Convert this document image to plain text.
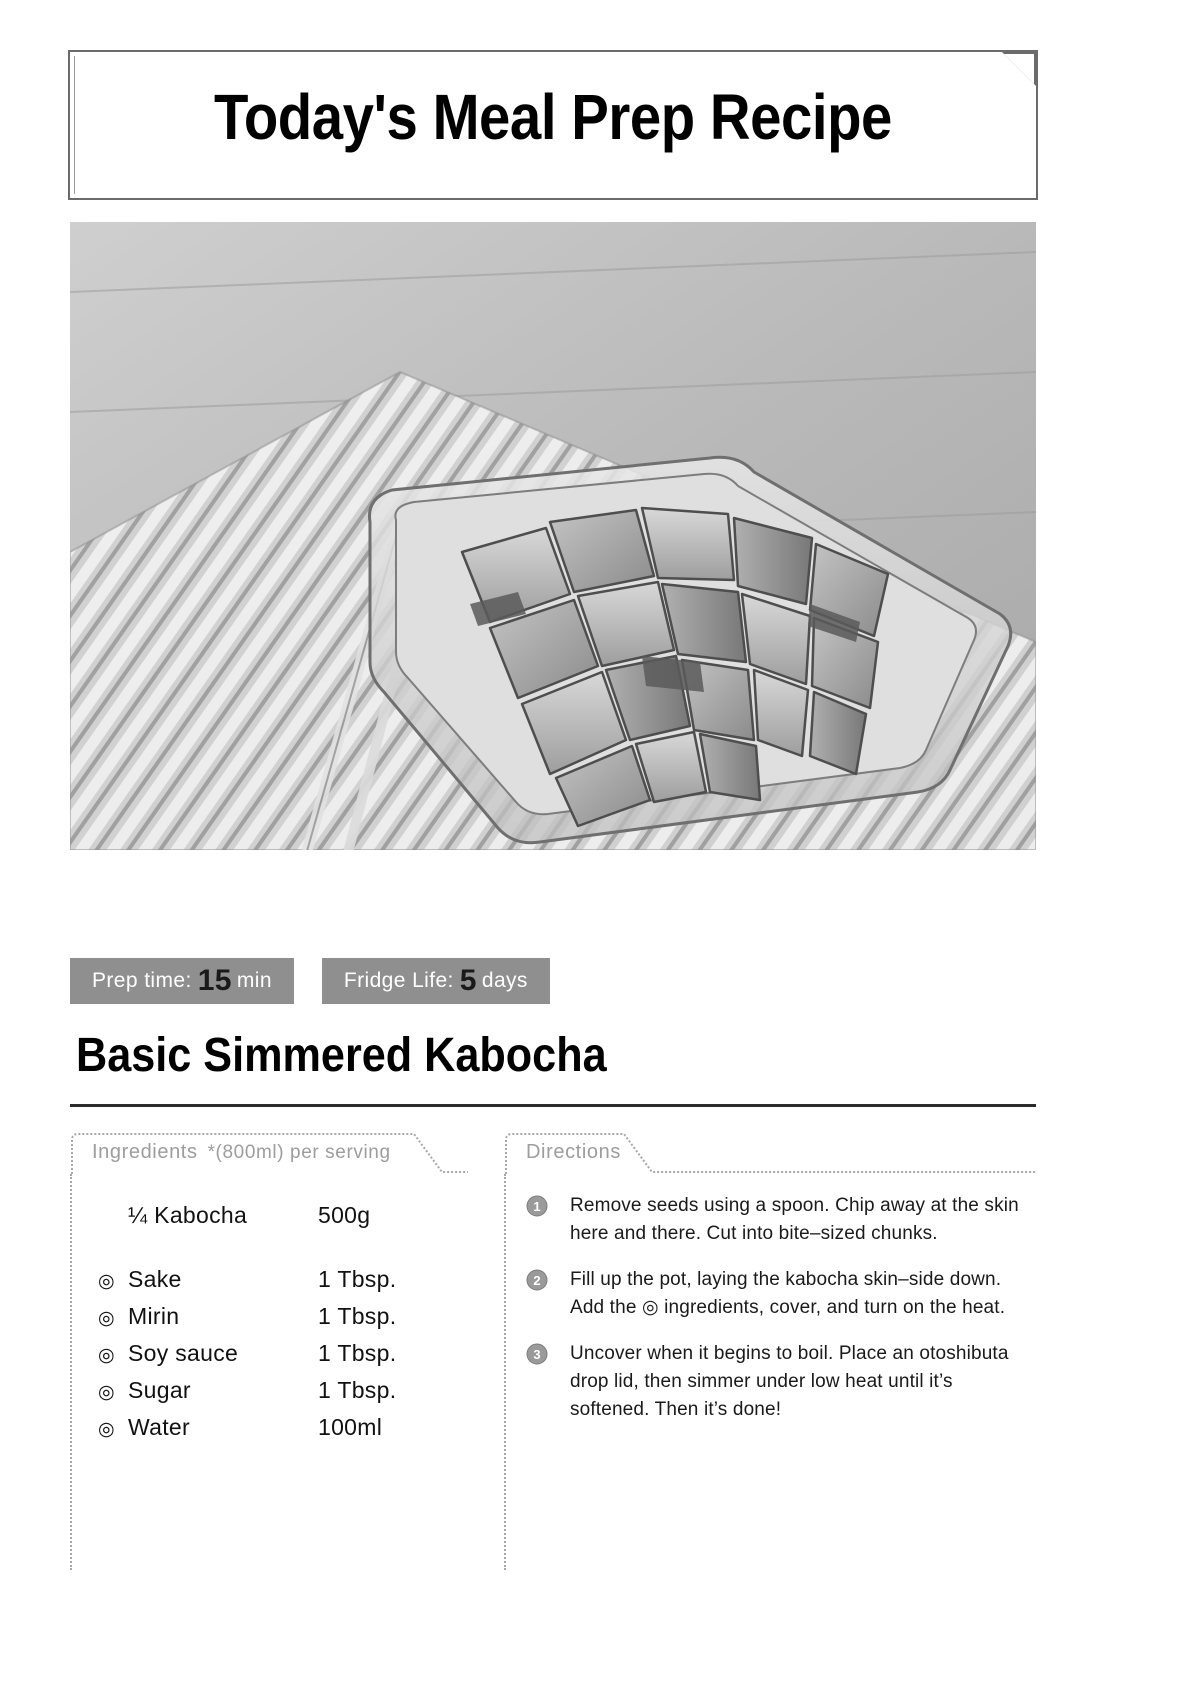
Today's Meal Prep Recipe
Prep time: 15 min	Fridge Life: 5 days
Basic Simmered Kabocha
Ingredients *(800ml) per serving
¼ Kabocha	500g
◎ Sake	1 Tbsp.
◎ Mirin	1 Tbsp.
◎ Soy sauce	1 Tbsp.
◎ Sugar	1 Tbsp.
◎ Water	100ml
Directions
1 Remove seeds using a spoon. Chip away at the skin here and there. Cut into bite–sized chunks.
2 Fill up the pot, laying the kabocha skin–side down. Add the ◎ ingredients, cover, and turn on the heat.
3 Uncover when it begins to boil. Place an otoshibuta drop lid, then simmer under low heat until it’s softened. Then it’s done!
